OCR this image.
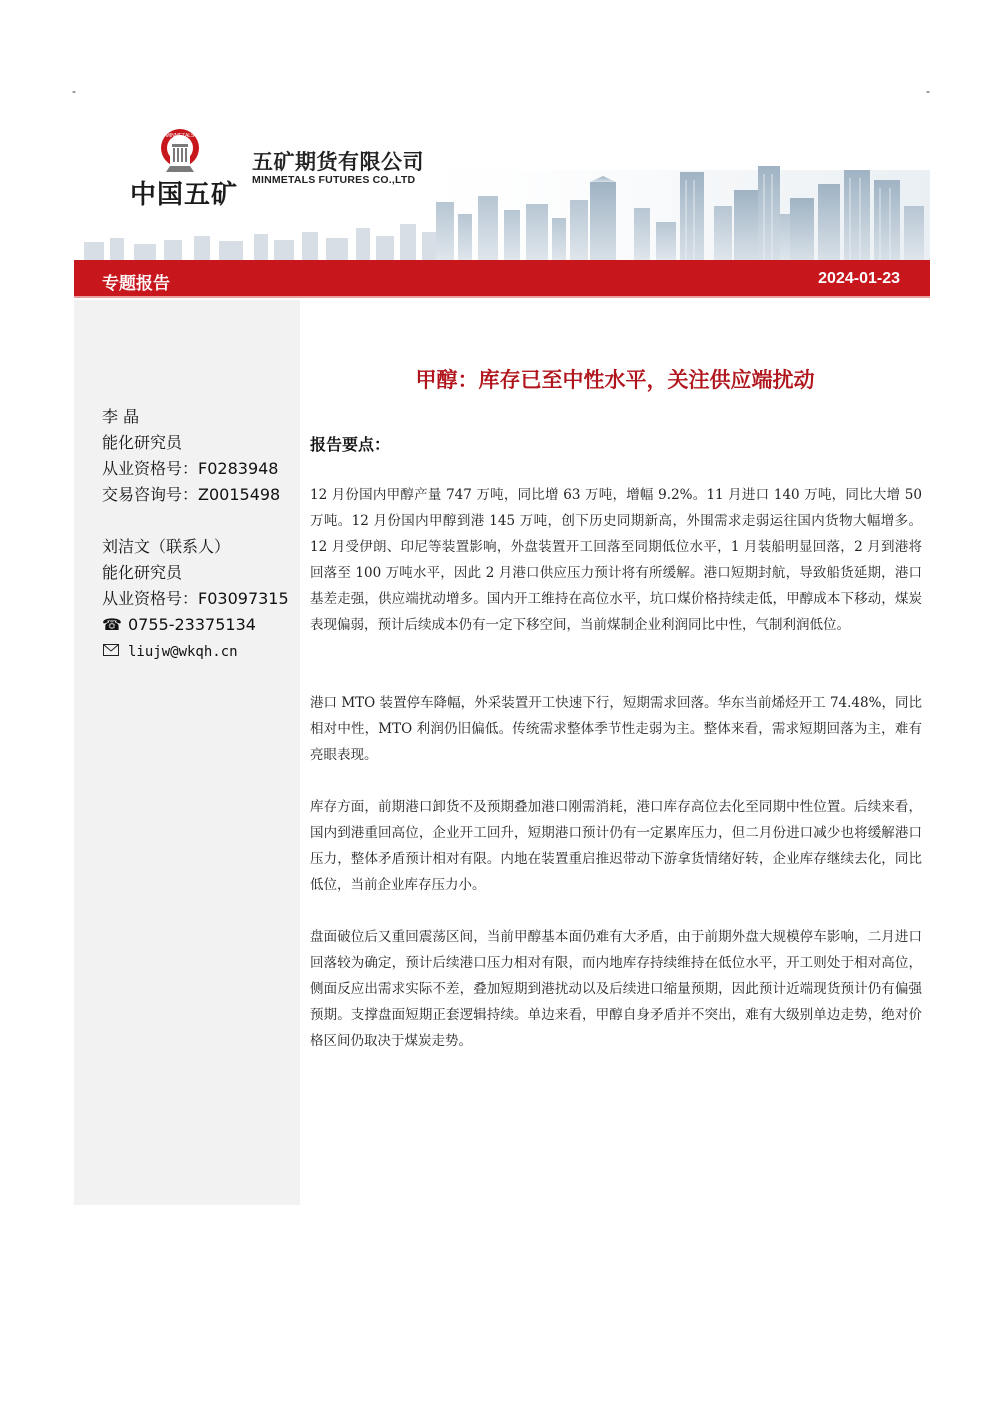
-	-
MINMETALS
中国五矿
五矿期货有限公司
MINMETALS FUTURES CO.,LTD
专题报告	2024-01-23
李 晶
能化研究员
从业资格号：F0283948
交易咨询号：Z0015498
刘洁文（联系人）
能化研究员
从业资格号：F03097315
☎ 0755-23375134
liujw@wkqh.cn
甲醇：库存已至中性水平，关注供应端扰动
报告要点：
12 月份国内甲醇产量 747 万吨，同比增 63 万吨，增幅 9.2%。11 月进口 140 万吨，同比大增 50 万吨。12 月份国内甲醇到港 145 万吨，创下历史同期新高，外围需求走弱运往国内货物大幅增多。12 月受伊朗、印尼等装置影响，外盘装置开工回落至同期低位水平，1 月装船明显回落，2 月到港将回落至 100 万吨水平，因此 2 月港口供应压力预计将有所缓解。港口短期封航，导致船货延期，港口基差走强，供应端扰动增多。国内开工维持在高位水平，坑口煤价格持续走低，甲醇成本下移动，煤炭表现偏弱，预计后续成本仍有一定下移空间，当前煤制企业利润同比中性，气制利润低位。
港口 MTO 装置停车降幅，外采装置开工快速下行，短期需求回落。华东当前烯烃开工 74.48%，同比相对中性，MTO 利润仍旧偏低。传统需求整体季节性走弱为主。整体来看，需求短期回落为主，难有亮眼表现。
库存方面，前期港口卸货不及预期叠加港口刚需消耗，港口库存高位去化至同期中性位置。后续来看，国内到港重回高位，企业开工回升，短期港口预计仍有一定累库压力，但二月份进口减少也将缓解港口压力，整体矛盾预计相对有限。内地在装置重启推迟带动下游拿货情绪好转，企业库存继续去化，同比低位，当前企业库存压力小。
盘面破位后又重回震荡区间，当前甲醇基本面仍难有大矛盾，由于前期外盘大规模停车影响，二月进口回落较为确定，预计后续港口压力相对有限，而内地库存持续维持在低位水平，开工则处于相对高位，侧面反应出需求实际不差，叠加短期到港扰动以及后续进口缩量预期，因此预计近端现货预计仍有偏强预期。支撑盘面短期正套逻辑持续。单边来看，甲醇自身矛盾并不突出，难有大级别单边走势，绝对价格区间仍取决于煤炭走势。
